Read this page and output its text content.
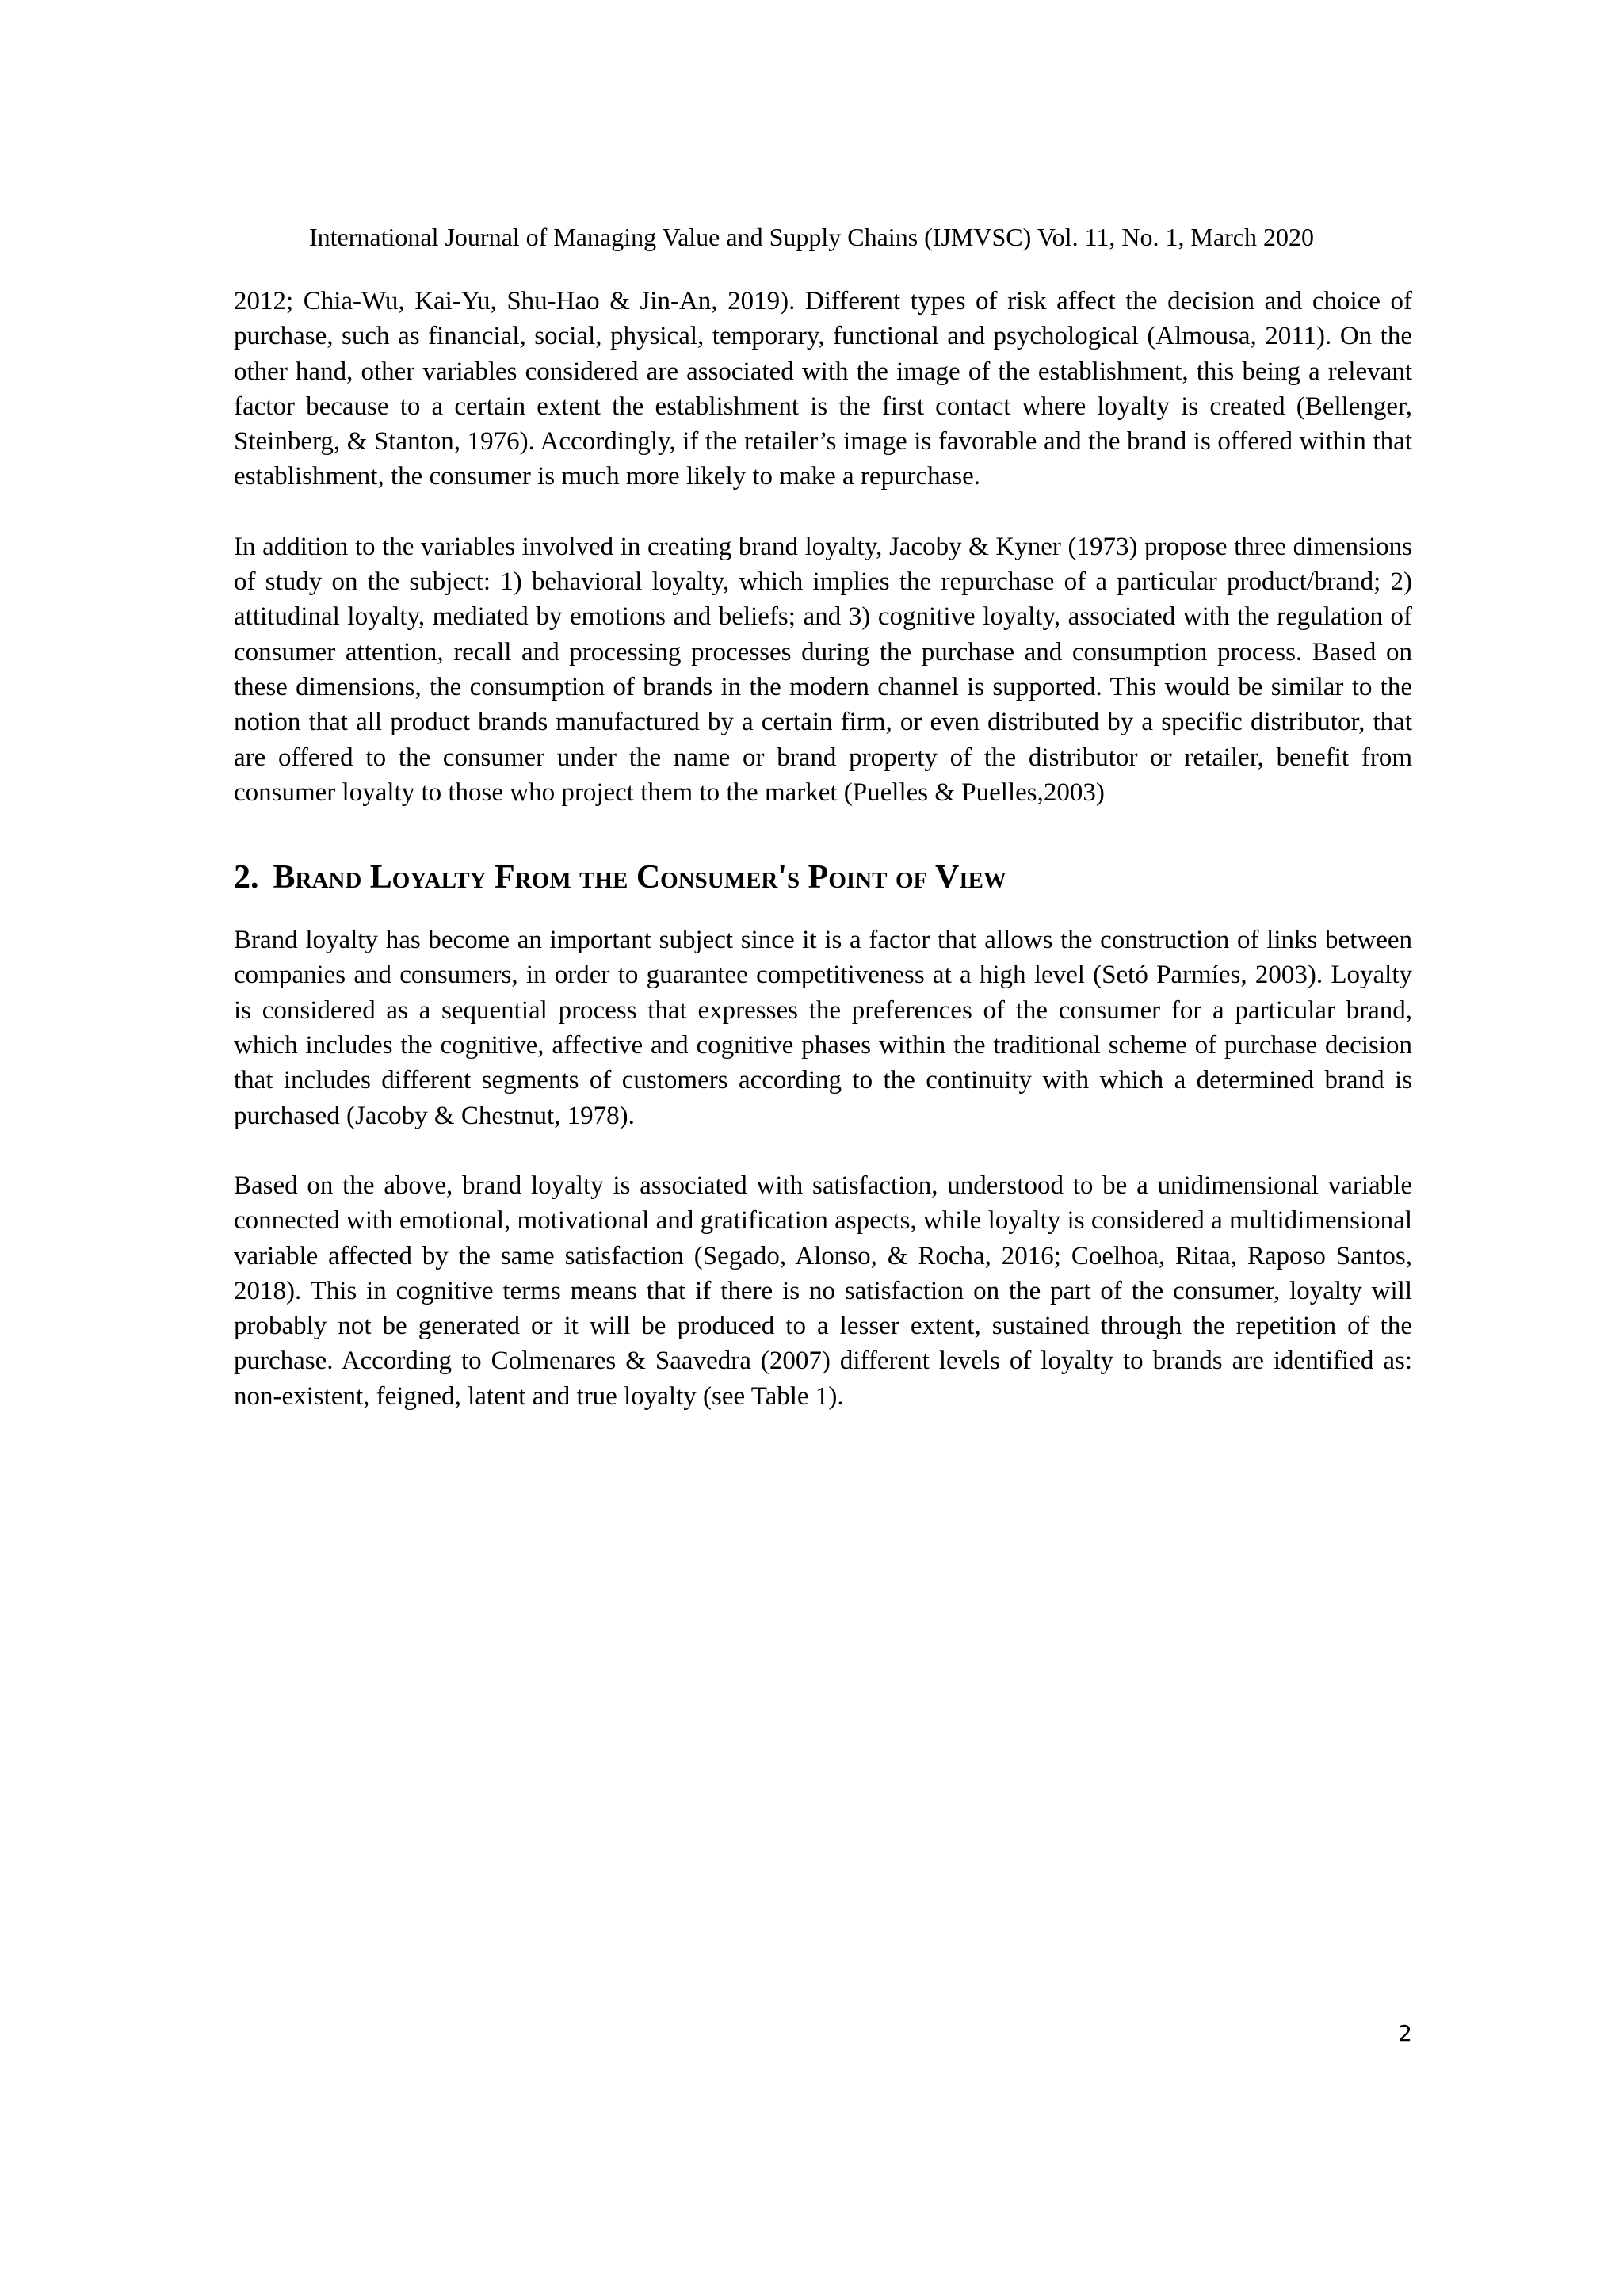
International Journal of Managing Value and Supply Chains (IJMVSC) Vol. 11, No. 1, March 2020

2012; Chia-Wu, Kai-Yu, Shu-Hao & Jin-An, 2019). Different types of risk affect the decision and choice of purchase, such as financial, social, physical, temporary, functional and psychological (Almousa, 2011). On the other hand, other variables considered are associated with the image of the establishment, this being a relevant factor because to a certain extent the establishment is the first contact where loyalty is created (Bellenger, Steinberg, & Stanton, 1976). Accordingly, if the retailer’s image is favorable and the brand is offered within that establishment, the consumer is much more likely to make a repurchase.

In addition to the variables involved in creating brand loyalty, Jacoby & Kyner (1973) propose three dimensions of study on the subject: 1) behavioral loyalty, which implies the repurchase of a particular product/brand; 2) attitudinal loyalty, mediated by emotions and beliefs; and 3) cognitive loyalty, associated with the regulation of consumer attention, recall and processing processes during the purchase and consumption process. Based on these dimensions, the consumption of brands in the modern channel is supported. This would be similar to the notion that all product brands manufactured by a certain firm, or even distributed by a specific distributor, that are offered to the consumer under the name or brand property of the distributor or retailer, benefit from consumer loyalty to those who project them to the market (Puelles & Puelles,2003)

2. Brand Loyalty From the Consumer's Point of View

Brand loyalty has become an important subject since it is a factor that allows the construction of links between companies and consumers, in order to guarantee competitiveness at a high level (Setó Parmíes, 2003). Loyalty is considered as a sequential process that expresses the preferences of the consumer for a particular brand, which includes the cognitive, affective and cognitive phases within the traditional scheme of purchase decision that includes different segments of customers according to the continuity with which a determined brand is purchased (Jacoby & Chestnut, 1978).

Based on the above, brand loyalty is associated with satisfaction, understood to be a unidimensional variable connected with emotional, motivational and gratification aspects, while loyalty is considered a multidimensional variable affected by the same satisfaction (Segado, Alonso, & Rocha, 2016; Coelhoa, Ritaa, Raposo Santos, 2018). This in cognitive terms means that if there is no satisfaction on the part of the consumer, loyalty will probably not be generated or it will be produced to a lesser extent, sustained through the repetition of the purchase. According to Colmenares & Saavedra (2007) different levels of loyalty to brands are identified as: non-existent, feigned, latent and true loyalty (see Table 1).

2
